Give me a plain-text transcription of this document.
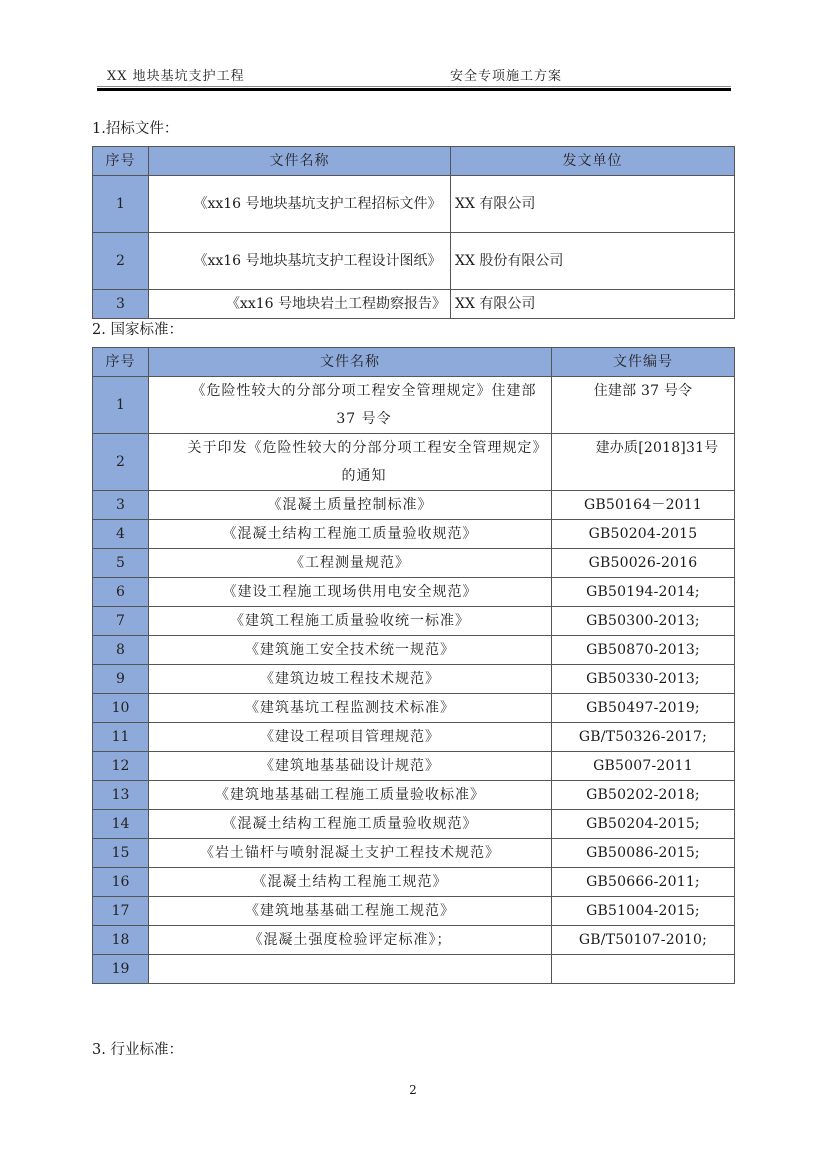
XX 地块基坑支护工程	安全专项施工方案
1.招标文件：
序号	文件名称	发文单位
1	《xx16 号地块基坑支护工程招标文件》	XX 有限公司
2	《xx16 号地块基坑支护工程设计图纸》	XX 股份有限公司
3	《xx16 号地块岩土工程勘察报告》	XX 有限公司
2. 国家标准：
序号	文件名称	文件编号
1	《危险性较大的分部分项工程安全管理规定》住建部 37 号令	住建部 37 号令
2	关于印发《危险性较大的分部分项工程安全管理规定》的通知	建办质[2018]31号
3	《混凝土质量控制标准》	GB50164－2011
4	《混凝土结构工程施工质量验收规范》	GB50204-2015
5	《工程测量规范》	GB50026-2016
6	《建设工程施工现场供用电安全规范》	GB50194-2014;
7	《建筑工程施工质量验收统一标准》	GB50300-2013;
8	《建筑施工安全技术统一规范》	GB50870-2013;
9	《建筑边坡工程技术规范》	GB50330-2013;
10	《建筑基坑工程监测技术标准》	GB50497-2019;
11	《建设工程项目管理规范》	GB/T50326-2017;
12	《建筑地基基础设计规范》	GB5007-2011
13	《建筑地基基础工程施工质量验收标准》	GB50202-2018;
14	《混凝土结构工程施工质量验收规范》	GB50204-2015;
15	《岩土锚杆与喷射混凝土支护工程技术规范》	GB50086-2015;
16	《混凝土结构工程施工规范》	GB50666-2011;
17	《建筑地基基础工程施工规范》	GB51004-2015;
18	《混凝土强度检验评定标准》；	GB/T50107-2010;
19		
3. 行业标准：
2
